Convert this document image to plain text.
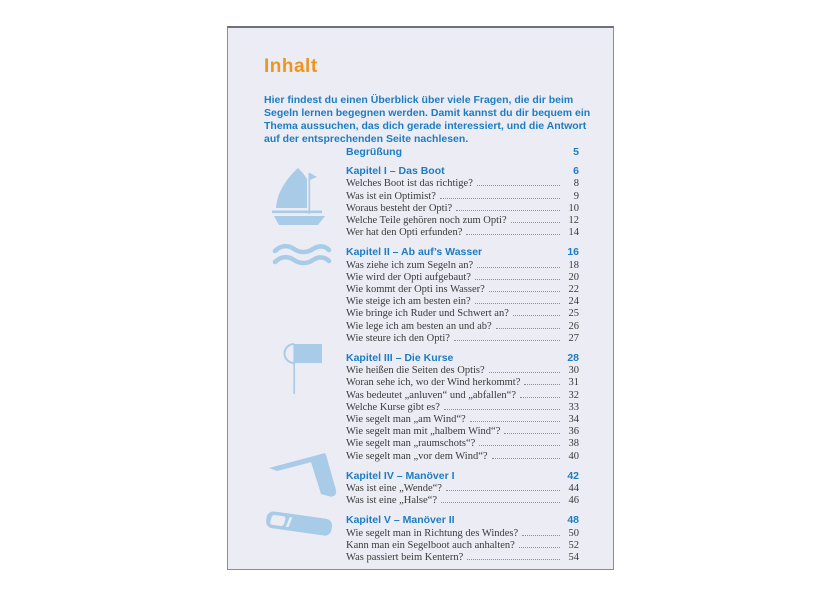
Inhalt

Hier findest du einen Überblick über viele Fragen, die dir beim Segeln lernen begegnen werden. Damit kannst du dir bequem ein Thema aussuchen, das dich gerade interessiert, und die Antwort auf der entsprechenden Seite nachlesen.

Begrüßung	5
Kapitel I – Das Boot	6
Welches Boot ist das richtige?	8
Was ist ein Optimist?	9
Woraus besteht der Opti?	10
Welche Teile gehören noch zum Opti?	12
Wer hat den Opti erfunden?	14
Kapitel II – Ab auf’s Wasser	16
Was ziehe ich zum Segeln an?	18
Wie wird der Opti aufgebaut?	20
Wie kommt der Opti ins Wasser?	22
Wie steige ich am besten ein?	24
Wie bringe ich Ruder und Schwert an?	25
Wie lege ich am besten an und ab?	26
Wie steure ich den Opti?	27
Kapitel III – Die Kurse	28
Wie heißen die Seiten des Optis?	30
Woran sehe ich, wo der Wind herkommt?	31
Was bedeutet „anluven“ und „abfallen“?	32
Welche Kurse gibt es?	33
Wie segelt man „am Wind“?	34
Wie segelt man mit „halbem Wind“?	36
Wie segelt man „raumschots“?	38
Wie segelt man „vor dem Wind“?	40
Kapitel IV – Manöver I	42
Was ist eine „Wende“?	44
Was ist eine „Halse“?	46
Kapitel V – Manöver II	48
Wie segelt man in Richtung des Windes?	50
Kann man ein Segelboot auch anhalten?	52
Was passiert beim Kentern?	54
